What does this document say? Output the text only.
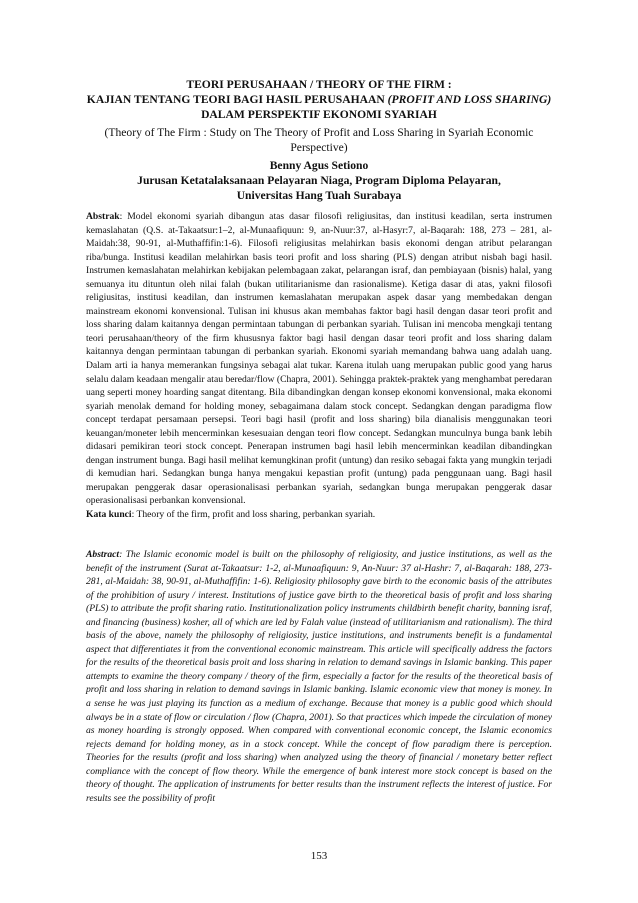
TEORI PERUSAHAAN / THEORY OF THE FIRM :
KAJIAN TENTANG TEORI BAGI HASIL PERUSAHAAN (PROFIT AND LOSS SHARING) DALAM PERSPEKTIF EKONOMI SYARIAH
(Theory of The Firm : Study on The Theory of Profit and Loss Sharing in Syariah Economic Perspective)
Benny Agus Setiono
Jurusan Ketatalaksanaan Pelayaran Niaga, Program Diploma Pelayaran,
Universitas Hang Tuah Surabaya
Abstrak: Model ekonomi syariah dibangun atas dasar filosofi religiusitas, dan institusi keadilan, serta instrumen kemaslahatan (Q.S. at-Takaatsur:1–2, al-Munaafiquun: 9, an-Nuur:37, al-Hasyr:7, al-Baqarah: 188, 273 – 281, al-Maidah:38, 90-91, al-Muthaffifin:1-6). Filosofi religiusitas melahirkan basis ekonomi dengan atribut pelarangan riba/bunga. Institusi keadilan melahirkan basis teori profit and loss sharing (PLS) dengan atribut nisbah bagi hasil. Instrumen kemaslahatan melahirkan kebijakan pelembagaan zakat, pelarangan israf, dan pembiayaan (bisnis) halal, yang semuanya itu dituntun oleh nilai falah (bukan utilitarianisme dan rasionalisme). Ketiga dasar di atas, yakni filosofi religiusitas, institusi keadilan, dan instrumen kemaslahatan merupakan aspek dasar yang membedakan dengan mainstream ekonomi konvensional. Tulisan ini khusus akan membahas faktor bagi hasil dengan dasar teori profit and loss sharing dalam kaitannya dengan permintaan tabungan di perbankan syariah. Tulisan ini mencoba mengkaji tentang teori perusahaan/theory of the firm khususnya faktor bagi hasil dengan dasar teori profit and loss sharing dalam kaitannya dengan permintaan tabungan di perbankan syariah. Ekonomi syariah memandang bahwa uang adalah uang. Dalam arti ia hanya memerankan fungsinya sebagai alat tukar. Karena itulah uang merupakan public good yang harus selalu dalam keadaan mengalir atau beredar/flow (Chapra, 2001). Sehingga praktek-praktek yang menghambat peredaran uang seperti money hoarding sangat ditentang. Bila dibandingkan dengan konsep ekonomi konvensional, maka ekonomi syariah menolak demand for holding money, sebagaimana dalam stock concept. Sedangkan dengan paradigma flow concept terdapat persamaan persepsi. Teori bagi hasil (profit and loss sharing) bila dianalisis menggunakan teori keuangan/moneter lebih mencerminkan kesesuaian dengan teori flow concept. Sedangkan munculnya bunga bank lebih didasari pemikiran teori stock concept. Penerapan instrumen bagi hasil lebih mencerminkan keadilan dibandingkan dengan instrument bunga. Bagi hasil melihat kemungkinan profit (untung) dan resiko sebagai fakta yang mungkin terjadi di kemudian hari. Sedangkan bunga hanya mengakui kepastian profit (untung) pada penggunaan uang. Bagi hasil merupakan penggerak dasar operasionalisasi perbankan syariah, sedangkan bunga merupakan penggerak dasar operasionalisasi perbankan konvensional.
Kata kunci: Theory of the firm, profit and loss sharing, perbankan syariah.
Abstract: The Islamic economic model is built on the philosophy of religiosity, and justice institutions, as well as the benefit of the instrument (Surat at-Takaatsur: 1-2, al-Munaafiquun: 9, An-Nuur: 37 al-Hashr: 7, al-Baqarah: 188, 273- 281, al-Maidah: 38, 90-91, al-Muthaffifin: 1-6). Religiosity philosophy gave birth to the economic basis of the attributes of the prohibition of usury / interest. Institutions of justice gave birth to the theoretical basis of profit and loss sharing (PLS) to attribute the profit sharing ratio. Institutionalization policy instruments childbirth benefit charity, banning israf, and financing (business) kosher, all of which are led by Falah value (instead of utilitarianism and rationalism). The third basis of the above, namely the philosophy of religiosity, justice institutions, and instruments benefit is a fundamental aspect that differentiates it from the conventional economic mainstream. This article will specifically address the factors for the results of the theoretical basis proit and loss sharing in relation to demand savings in Islamic banking. This paper attempts to examine the theory company / theory of the firm, especially a factor for the results of the theoretical basis of profit and loss sharing in relation to demand savings in Islamic banking. Islamic economic view that money is money. In a sense he was just playing its function as a medium of exchange. Because that money is a public good which should always be in a state of flow or circulation / flow (Chapra, 2001). So that practices which impede the circulation of money as money hoarding is strongly opposed. When compared with conventional economic concept, the Islamic economics rejects demand for holding money, as in a stock concept. While the concept of flow paradigm there is perception. Theories for the results (profit and loss sharing) when analyzed using the theory of financial / monetary better reflect compliance with the concept of flow theory. While the emergence of bank interest more stock concept is based on the theory of thought. The application of instruments for better results than the instrument reflects the interest of justice. For results see the possibility of profit
153
